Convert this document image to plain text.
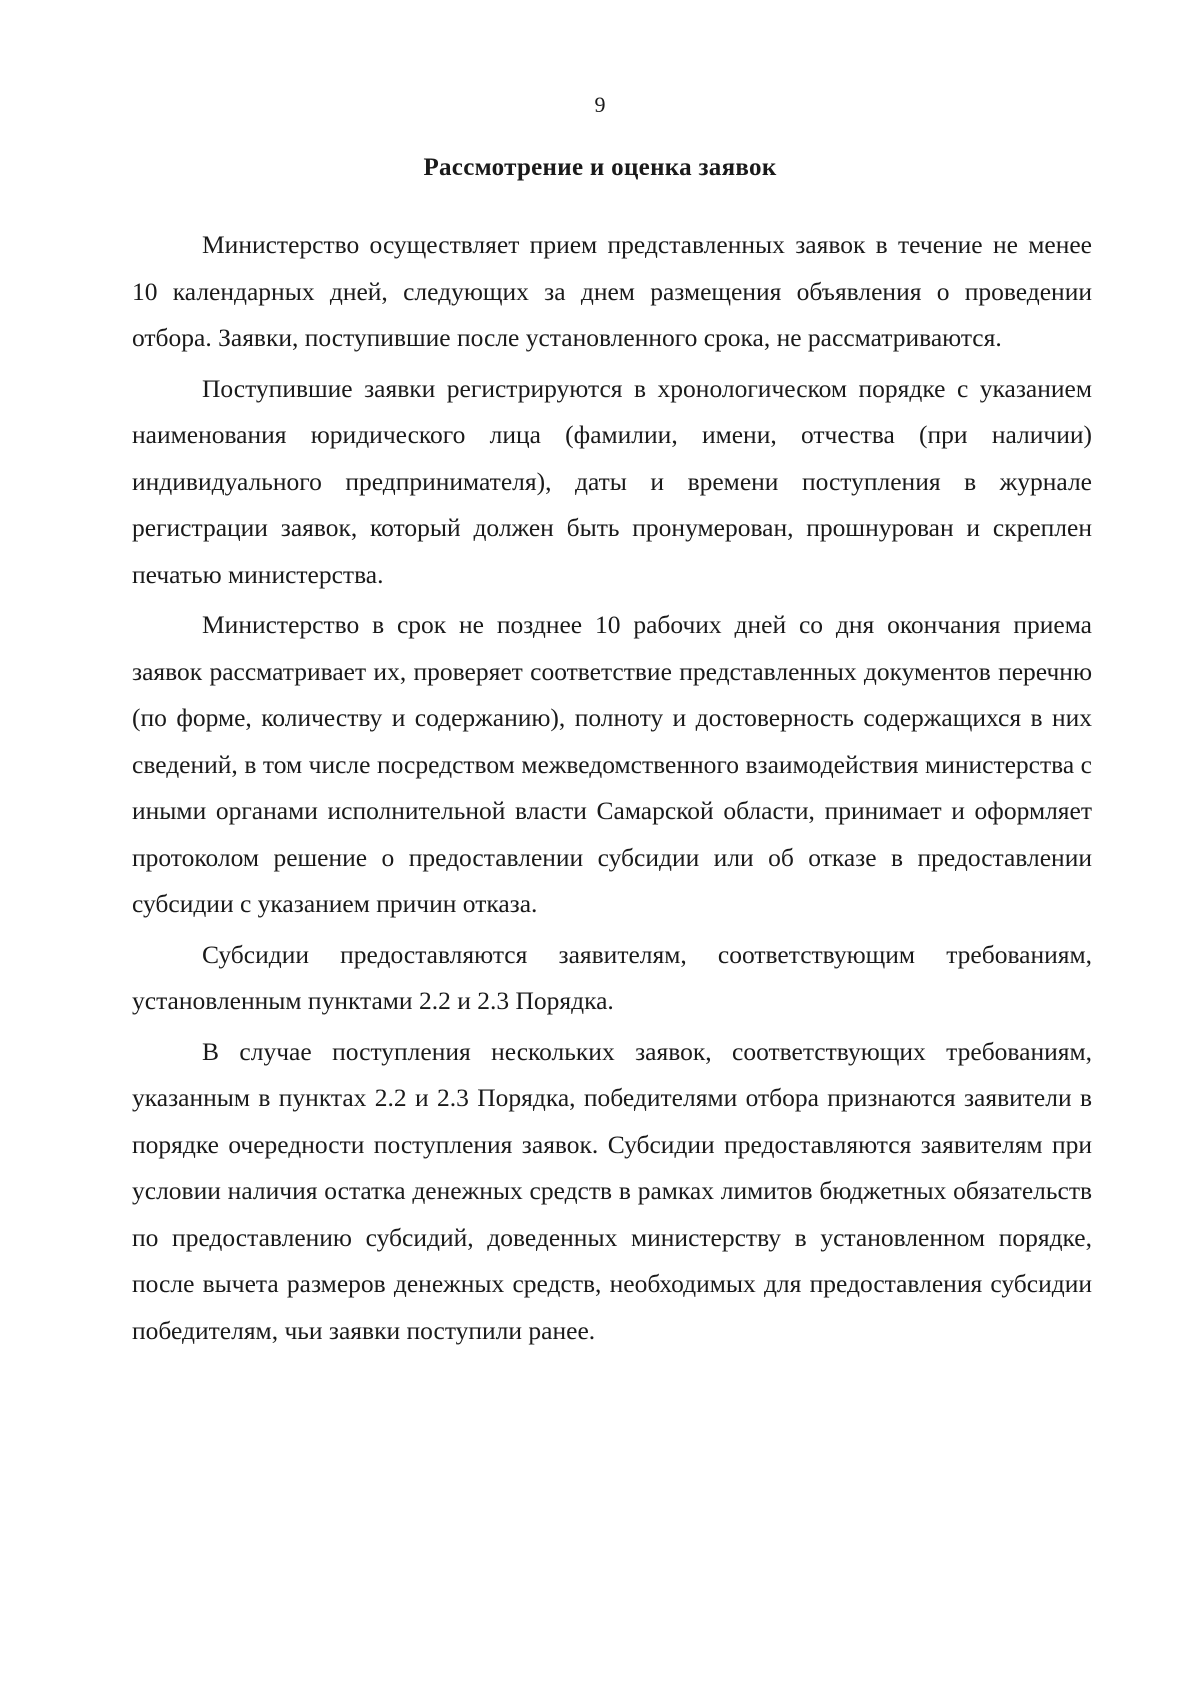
9
Рассмотрение и оценка заявок

Министерство осуществляет прием представленных заявок в течение не менее 10 календарных дней, следующих за днем размещения объявления о проведении отбора. Заявки, поступившие после установленного срока, не рассматриваются.

Поступившие заявки регистрируются в хронологическом порядке с указанием наименования юридического лица (фамилии, имени, отчества (при наличии) индивидуального предпринимателя), даты и времени поступления в журнале регистрации заявок, который должен быть пронумерован, прошнурован и скреплен печатью министерства.

Министерство в срок не позднее 10 рабочих дней со дня окончания приема заявок рассматривает их, проверяет соответствие представленных документов перечню (по форме, количеству и содержанию), полноту и достоверность содержащихся в них сведений, в том числе посредством межведомственного взаимодействия министерства с иными органами исполнительной власти Самарской области, принимает и оформляет протоколом решение о предоставлении субсидии или об отказе в предоставлении субсидии с указанием причин отказа.

Субсидии предоставляются заявителям, соответствующим требованиям, установленным пунктами 2.2 и 2.3 Порядка.

В случае поступления нескольких заявок, соответствующих требованиям, указанным в пунктах 2.2 и 2.3 Порядка, победителями отбора признаются заявители в порядке очередности поступления заявок. Субсидии предоставляются заявителям при условии наличия остатка денежных средств в рамках лимитов бюджетных обязательств по предоставлению субсидий, доведенных министерству в установленном порядке, после вычета размеров денежных средств, необходимых для предоставления субсидии победителям, чьи заявки поступили ранее.
